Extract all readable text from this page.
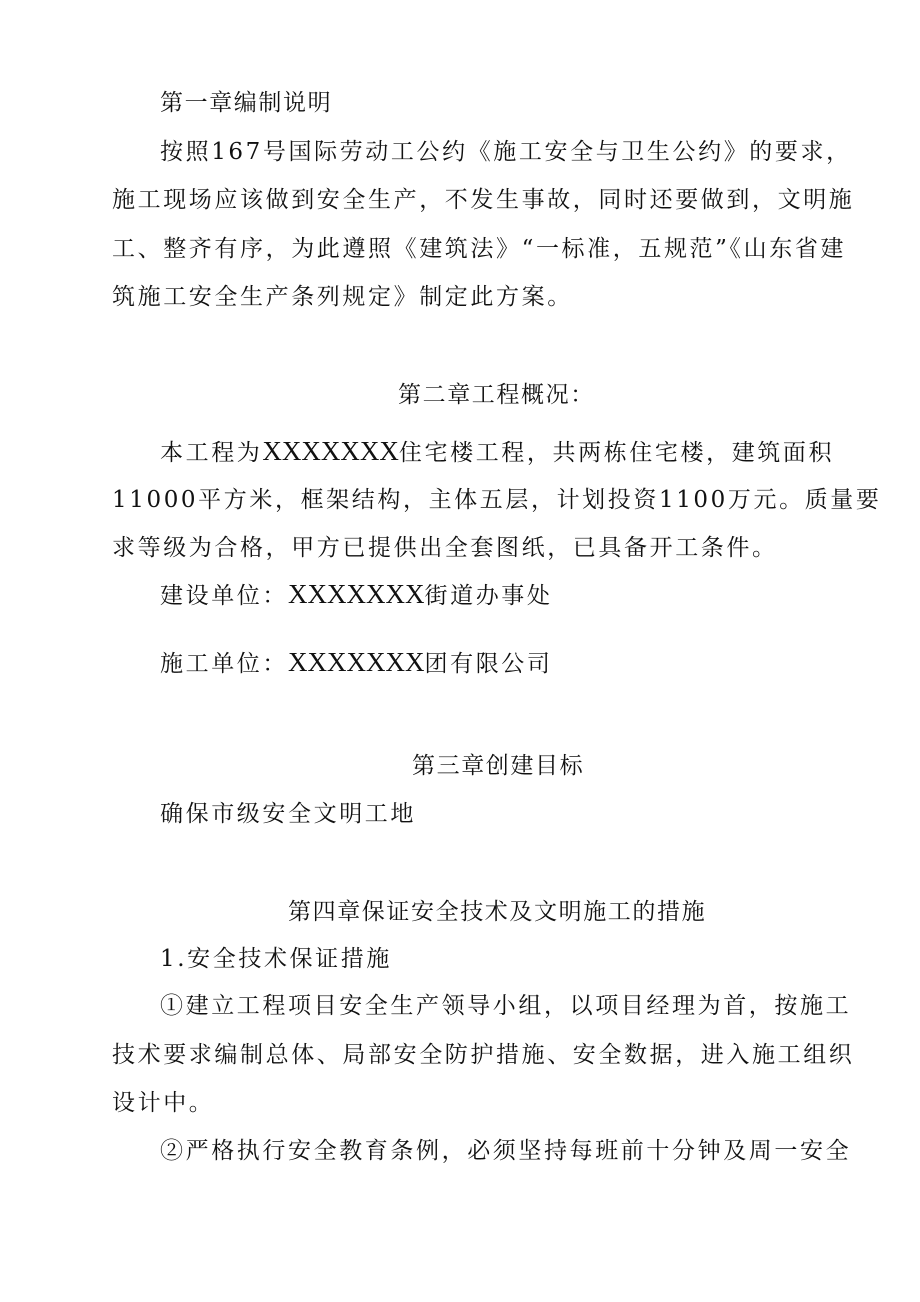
第一章编制说明
按照167号国际劳动工公约《施工安全与卫生公约》的要求，
施工现场应该做到安全生产，不发生事故，同时还要做到，文明施
工、整齐有序，为此遵照《建筑法》“一标准，五规范”《山东省建
筑施工安全生产条列规定》制定此方案。
第二章工程概况：
本工程为XXXXXXX住宅楼工程，共两栋住宅楼，建筑面积
11000平方米，框架结构，主体五层，计划投资1100万元。质量要
求等级为合格，甲方已提供出全套图纸，已具备开工条件。
建设单位：XXXXXXX街道办事处
施工单位：XXXXXXX团有限公司
第三章创建目标
确保市级安全文明工地
第四章保证安全技术及文明施工的措施
1.安全技术保证措施
①建立工程项目安全生产领导小组，以项目经理为首，按施工
技术要求编制总体、局部安全防护措施、安全数据，进入施工组织
设计中。
②严格执行安全教育条例，必须坚持每班前十分钟及周一安全
